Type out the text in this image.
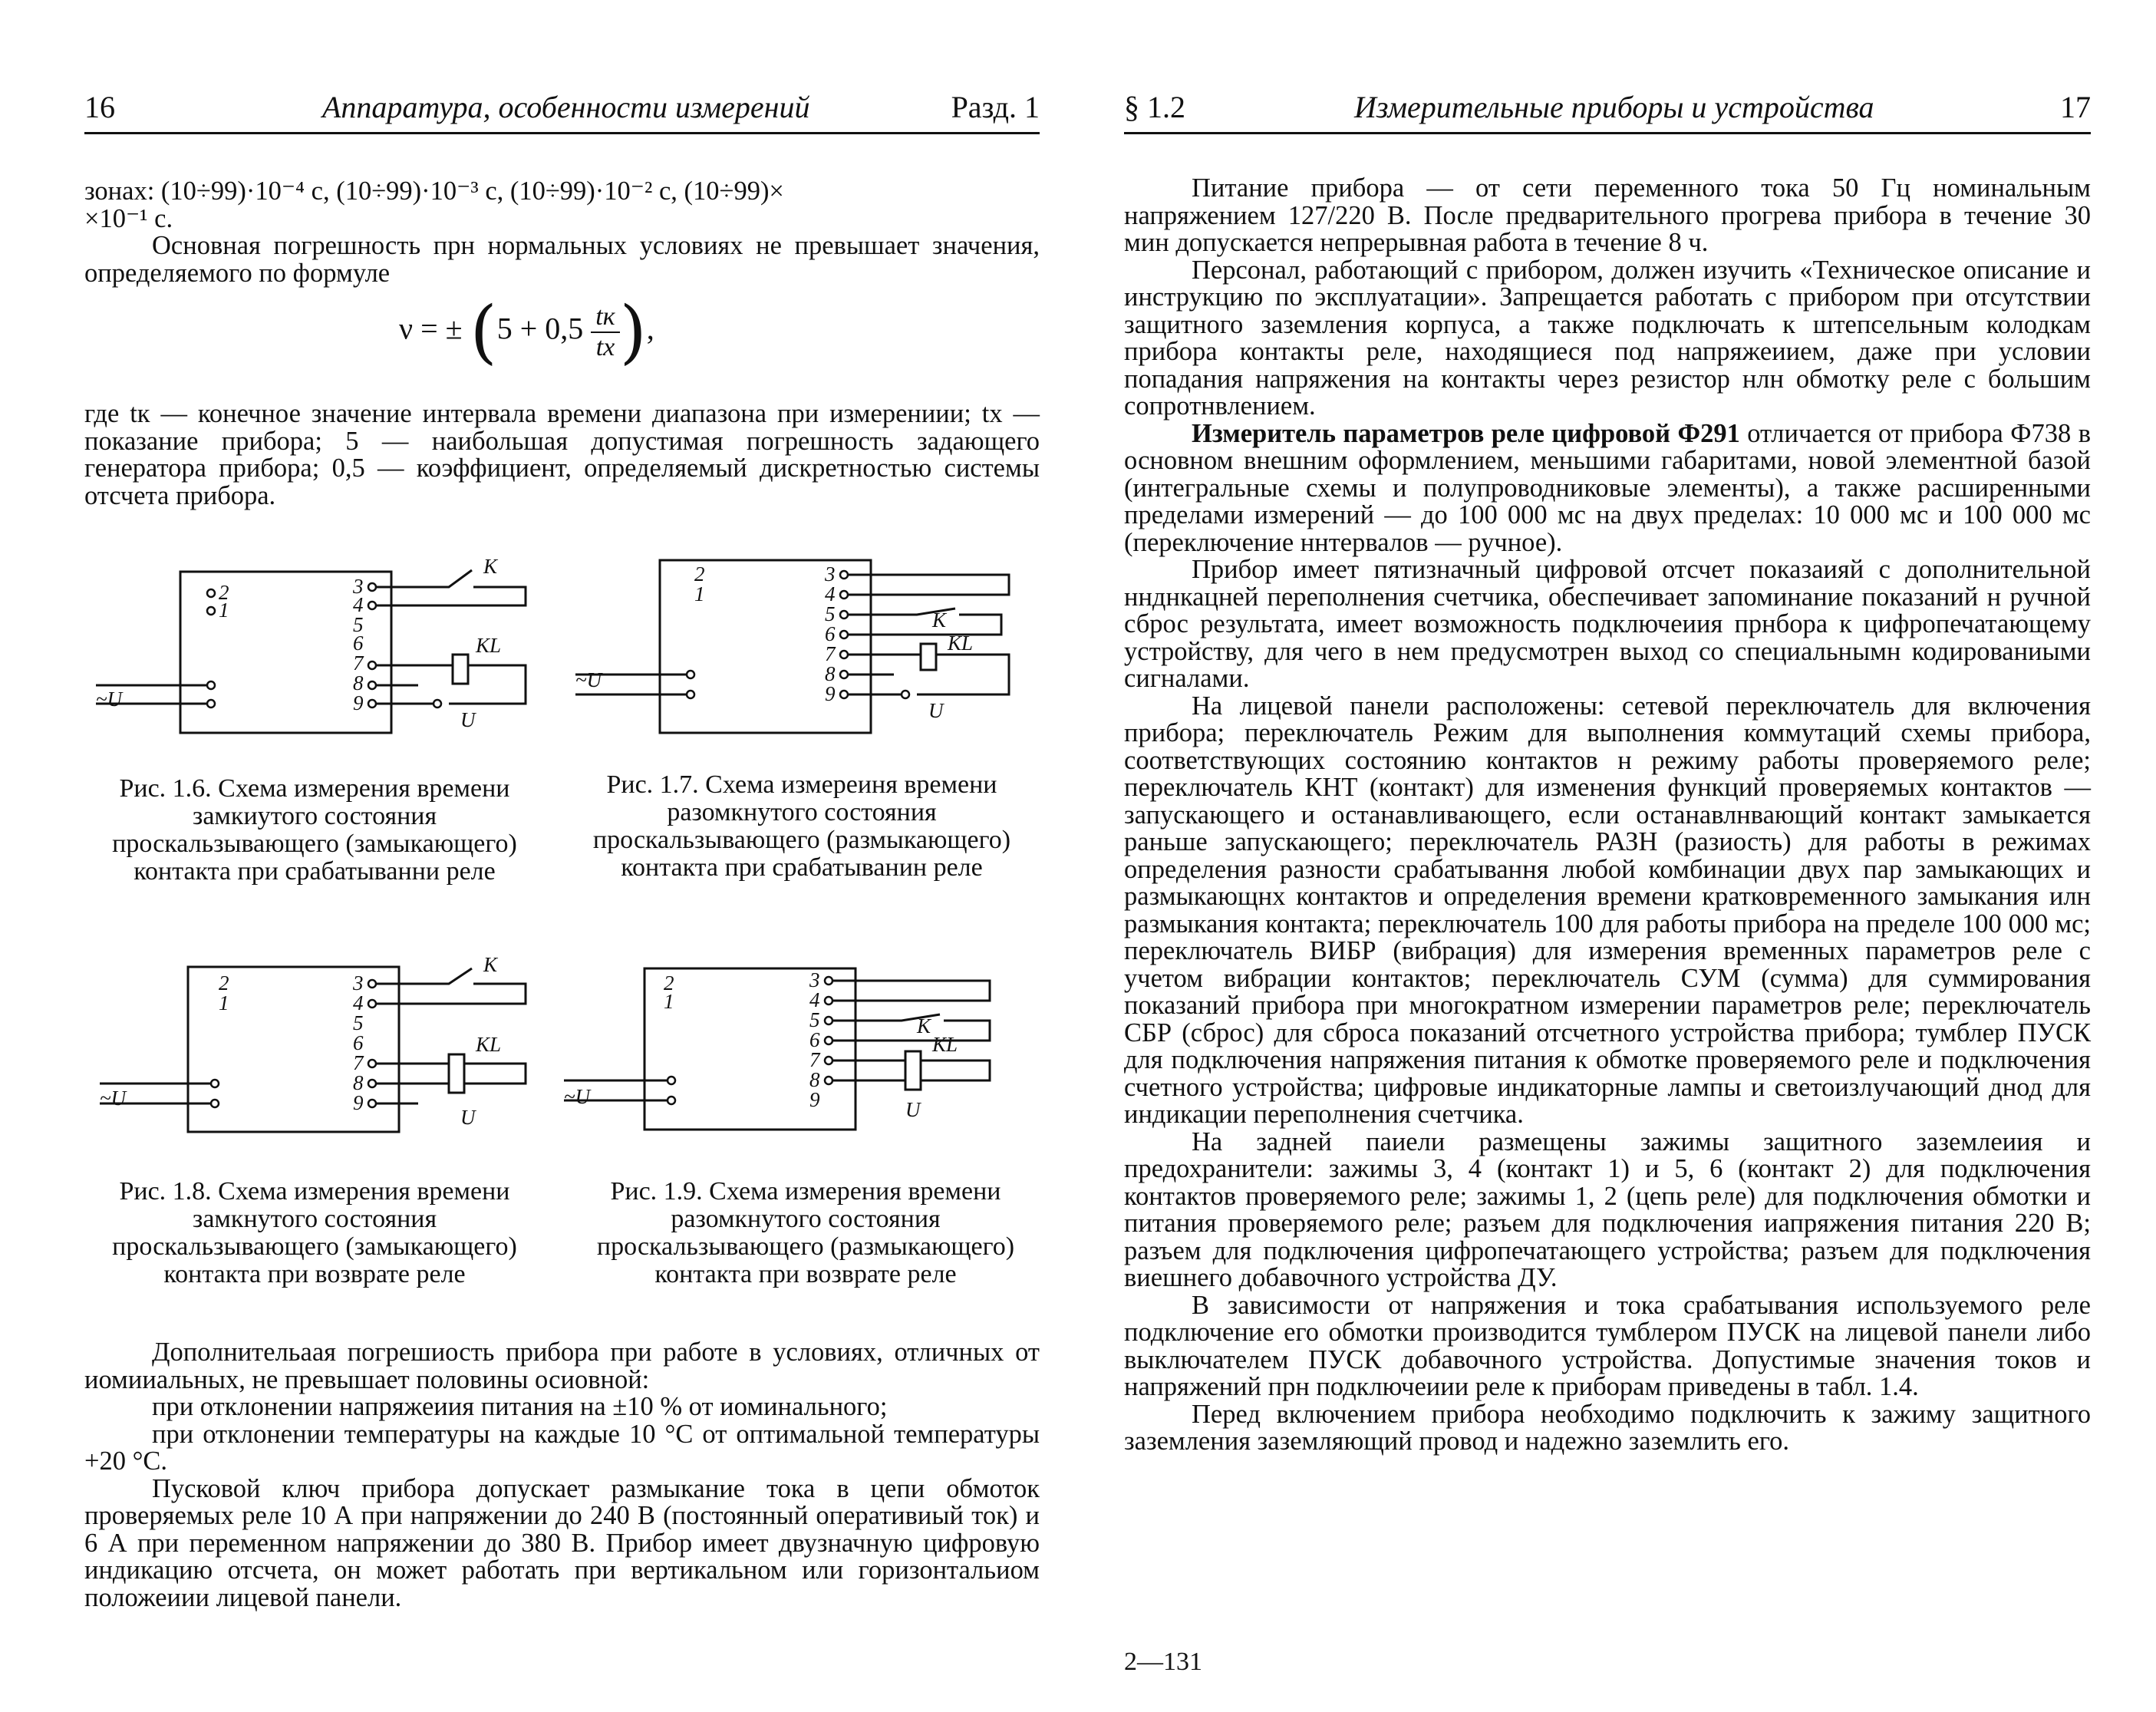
16	Аппаратура, особенности измерений	Разд. 1

зонах: (10÷99)·10⁻⁴ с, (10÷99)·10⁻³ с, (10÷99)·10⁻² с, (10÷99)×

×10⁻¹ с.

Основная погрешность прн нормальных условиях не превышает значения, определяемого по формуле

ν = ± ($5 + 0,5 \frac{tк}{tх}$ ),

где tк — конечное значение интервала времени диапазона при измерениии; tх — показание прибора; 5 — наибольшая допустимая погрешность задающего генератора прибора; 0,5 — коэффициент, определяемый дискретностью системы отсчета прибора.

2
1
3
4
5
6
7
8
9
K
KL
U
~U
Рис. 1.6. Схема измерения времени замкиутого состояния проскальзывающего (замыкающего) контакта при срабатыванни реле
2
1
3
4
5
6
7
8
9
K
KL
U
~U
Рис. 1.7. Схема измереиня времени разомкнутого состояния проскальзывающего (размыкающего) контакта при срабатыванин реле
2
1
3
4
5
6
7
8
9
K
KL
U
~U
Рис. 1.8. Схема измерения времени замкнутого состояния проскальзывающего (замыкающего) контакта при возврате реле
2
1
3
4
5
6
7
8
9
K
KL
U
~U
Рис. 1.9. Схема измерения времени разомкнутого состояния проскальзывающего (размыкающего) контакта при возврате реле

Дополнительаая погрешиость прибора при работе в условиях, отличных от иомииальных, не превышает половины осиовной:

при отклонении напряжеиия питания на ±10 % от иоминального;

при отклонении температуры на каждые 10 °С от оптимальной температуры +20 °С.

Пусковой ключ прибора допускает размыкание тока в цепи обмоток проверяемых реле 10 А при напряжении до 240 В (постоянный оперативиый ток) и 6 А при переменном напряжении до 380 В. Прибор имеет двузначную цифровую индикацию отсчета, он может работать при вертикальном или горизонтальиом положеиии лицевой панели.

§ 1.2	Измерительные приборы и устройства	17

Питание прибора — от сети переменного тока 50 Гц номинальным напряжением 127/220 В. После предварительного прогрева прибора в течение 30 мин допускается непрерывная работа в течение 8 ч.

Персонал, работающий с прибором, должен изучить «Техническое описание и инструкцию по эксплуатации». Запрещается работать с прибором при отсутствии защитного заземления корпуса, а также подключать к штепсельным колодкам прибора контакты реле, находящиеся под напряжеиием, даже при условии попадания напряжения на контакты через резистор нлн обмотку реле с большим сопротнвлением.

Измеритель параметров реле цифровой Ф291 отличается от прибора Ф738 в основном внешним оформлением, меньшими габаритами, новой элементной базой (интегральные схемы и полупроводниковые элементы), а также расширенными пределами измерений — до 100 000 мс на двух пределах: 10 000 мс и 100 000 мс (переключение ннтервалов — ручное).

Прибор имеет пятизначный цифровой отсчет показаияй с дополнительной ннднкацней переполнения счетчика, обеспечивает запоминание показаний н ручной сброс результата, имеет возможность подключеиия прнбора к цифропечатающему устройству, для чего в нем предусмотрен выход со специальнымн кодированиыми сигналами.

На лицевой панели расположены: сетевой переключатель для включения прибора; переключатель Режим для выполнения коммутаций схемы прибора, соответствующих состоянию контактов н режиму работы проверяемого реле; переключатель КНТ (контакт) для изменения функций проверяемых контактов — запускающего и останавливающего, если останавлнвающий контакт замыкается раньше запускающего; переключатель РАЗН (разиость) для работы в режимах определения разности срабатывання любой комбинации двух пар замыкающих и размыкающнх контактов и определения времени кратковременного замыкания илн размыкания контакта; переключатель 100 для работы прибора на пределе 100 000 мс; переключатель ВИБР (вибрация) для измерения временных параметров реле с учетом вибрации контактов; переключатель СУМ (сумма) для суммирования показаний прибора при многократном измерении параметров реле; переключатель СБР (сброс) для сброса показаний отсчетного устройства прибора; тумблер ПУСК для подключения напряжения питания к обмотке проверяемого реле и подключения счетного устройства; цифровые индикаторные лампы и светоизлучающий днод для индикации переполнения счетчика.

На задней паиели размещены зажимы защитного заземлеиия и предохранители: зажимы 3, 4 (контакт 1) и 5, 6 (контакт 2) для подключения контактов проверяемого реле; зажимы 1, 2 (цепь реле) для подключения обмотки и питания проверяемого реле; разъем для подключения иапряжения питания 220 В; разъем для подключения цифропечатающего устройства; разъем для подключения виешнего добавочного устройства ДУ.

В зависимости от напряжения и тока срабатывания используемого реле подключение его обмотки производится тумблером ПУСК на лицевой панели либо выключателем ПУСК добавочного устройства. Допустимые значения токов и напряжений прн подключеиии реле к приборам приведены в табл. 1.4.

Перед включением прибора необходимо подключить к зажиму защитного заземления заземляющий провод и надежно заземлить его.

2—131
